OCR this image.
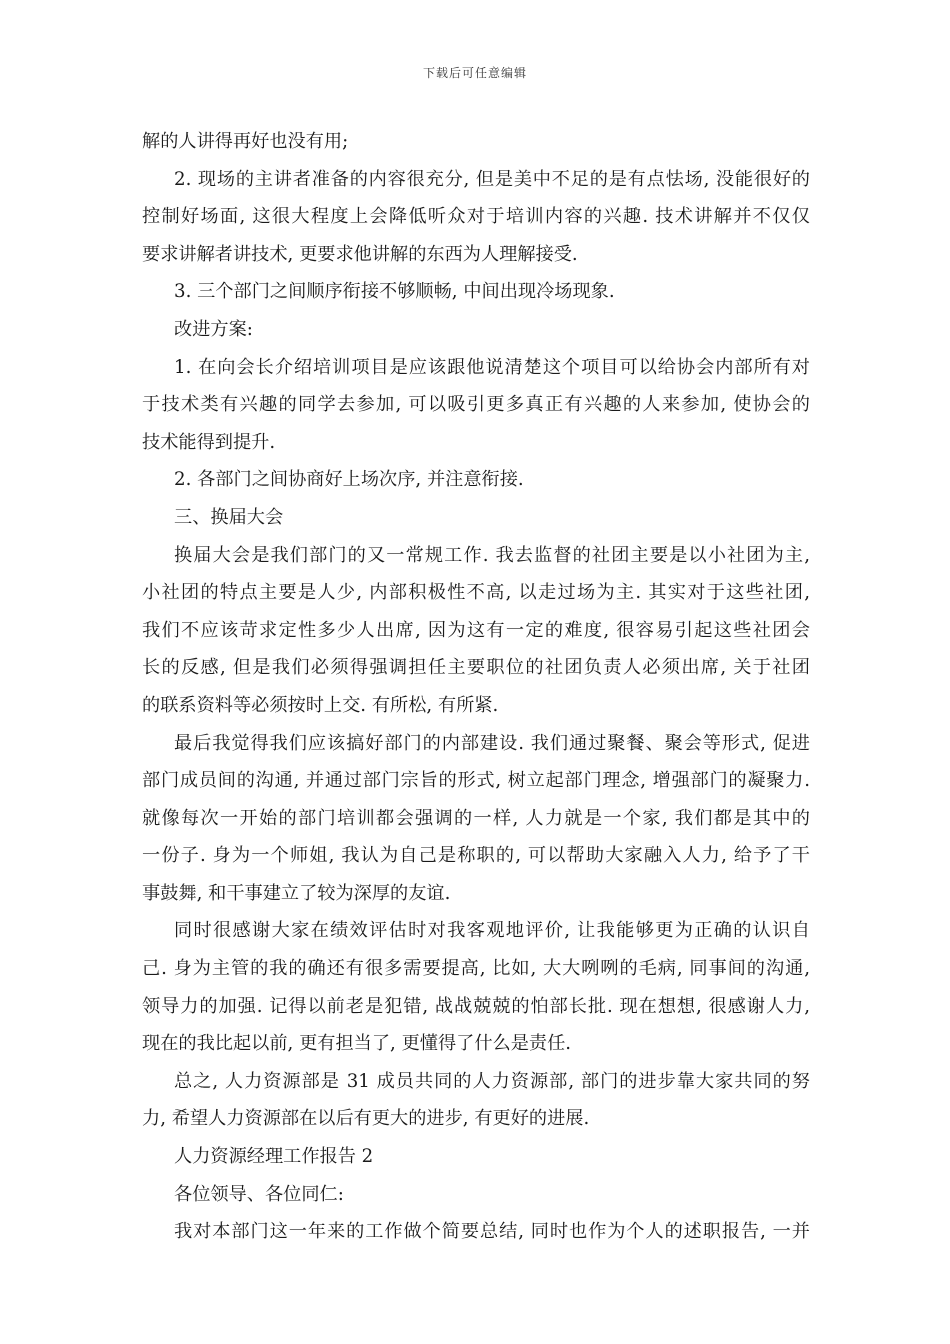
下载后可任意编辑
解的人讲得再好也没有用;
2. 现场的主讲者准备的内容很充分, 但是美中不足的是有点怯场, 没能很好的
控制好场面, 这很大程度上会降低听众对于培训内容的兴趣. 技术讲解并不仅仅
要求讲解者讲技术, 更要求他讲解的东西为人理解接受.
3. 三个部门之间顺序衔接不够顺畅, 中间出现冷场现象.
改进方案:
1. 在向会长介绍培训项目是应该跟他说清楚这个项目可以给协会内部所有对
于技术类有兴趣的同学去参加, 可以吸引更多真正有兴趣的人来参加, 使协会的
技术能得到提升.
2. 各部门之间协商好上场次序, 并注意衔接.
三、换届大会
换届大会是我们部门的又一常规工作. 我去监督的社团主要是以小社团为主,
小社团的特点主要是人少, 内部积极性不高, 以走过场为主. 其实对于这些社团,
我们不应该苛求定性多少人出席, 因为这有一定的难度, 很容易引起这些社团会
长的反感, 但是我们必须得强调担任主要职位的社团负责人必须出席, 关于社团
的联系资料等必须按时上交. 有所松, 有所紧.
最后我觉得我们应该搞好部门的内部建设. 我们通过聚餐、聚会等形式, 促进
部门成员间的沟通, 并通过部门宗旨的形式, 树立起部门理念, 增强部门的凝聚力.
就像每次一开始的部门培训都会强调的一样, 人力就是一个家, 我们都是其中的
一份子. 身为一个师姐, 我认为自己是称职的, 可以帮助大家融入人力, 给予了干
事鼓舞, 和干事建立了较为深厚的友谊.
同时很感谢大家在绩效评估时对我客观地评价, 让我能够更为正确的认识自
己. 身为主管的我的确还有很多需要提高, 比如, 大大咧咧的毛病, 同事间的沟通,
领导力的加强. 记得以前老是犯错, 战战兢兢的怕部长批. 现在想想, 很感谢人力,
现在的我比起以前, 更有担当了, 更懂得了什么是责任.
总之, 人力资源部是 31 成员共同的人力资源部, 部门的进步靠大家共同的努
力, 希望人力资源部在以后有更大的进步, 有更好的进展.
人力资源经理工作报告 2
各位领导、各位同仁:
我对本部门这一年来的工作做个简要总结, 同时也作为个人的述职报告, 一并
